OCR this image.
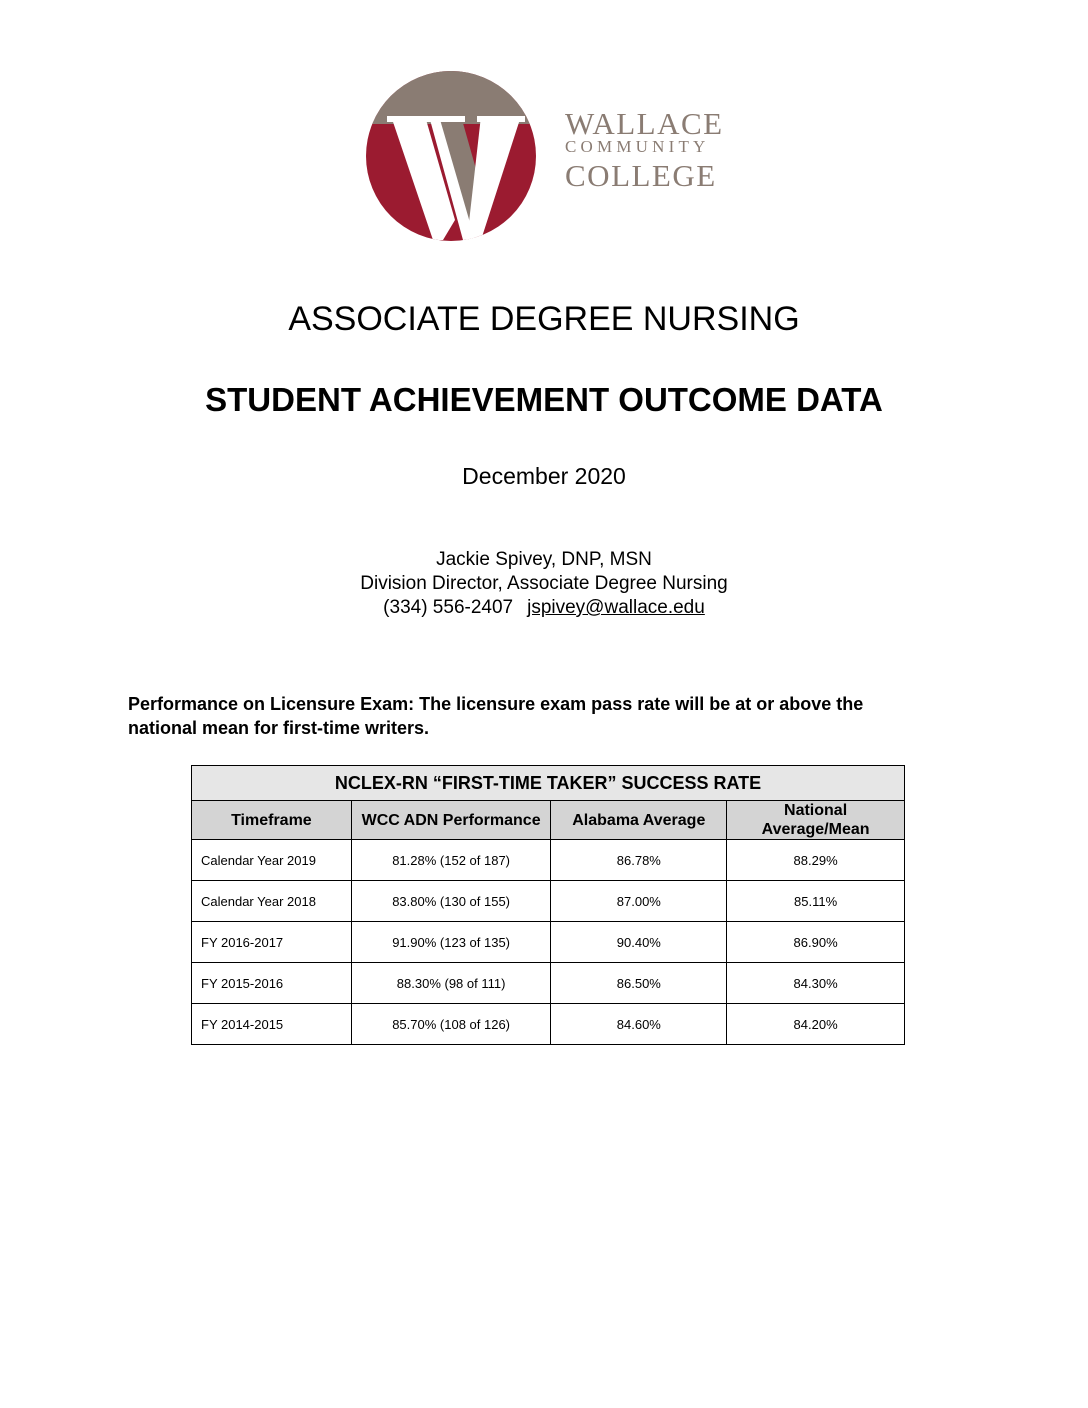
WALLACE
COMMUNITY
COLLEGE
ASSOCIATE DEGREE NURSING
STUDENT ACHIEVEMENT OUTCOME DATA
December 2020
Jackie Spivey, DNP, MSN
Division Director, Associate Degree Nursing
(334) 556-2407 jspivey@wallace.edu
Performance on Licensure Exam: The licensure exam pass rate will be at or above the
national mean for first-time writers.
NCLEX-RN “FIRST-TIME TAKER” SUCCESS RATE			
Timeframe	WCC ADN Performance	Alabama Average	National
Average/Mean

Calendar Year 2019	81.28% (152 of 187)	86.78%	88.29%
Calendar Year 2018	83.80% (130 of 155)	87.00%	85.11%
FY 2016-2017	91.90% (123 of 135)	90.40%	86.90%
FY 2015-2016	88.30% (98 of 111)	86.50%	84.30%
FY 2014-2015	85.70% (108 of 126)	84.60%	84.20%
